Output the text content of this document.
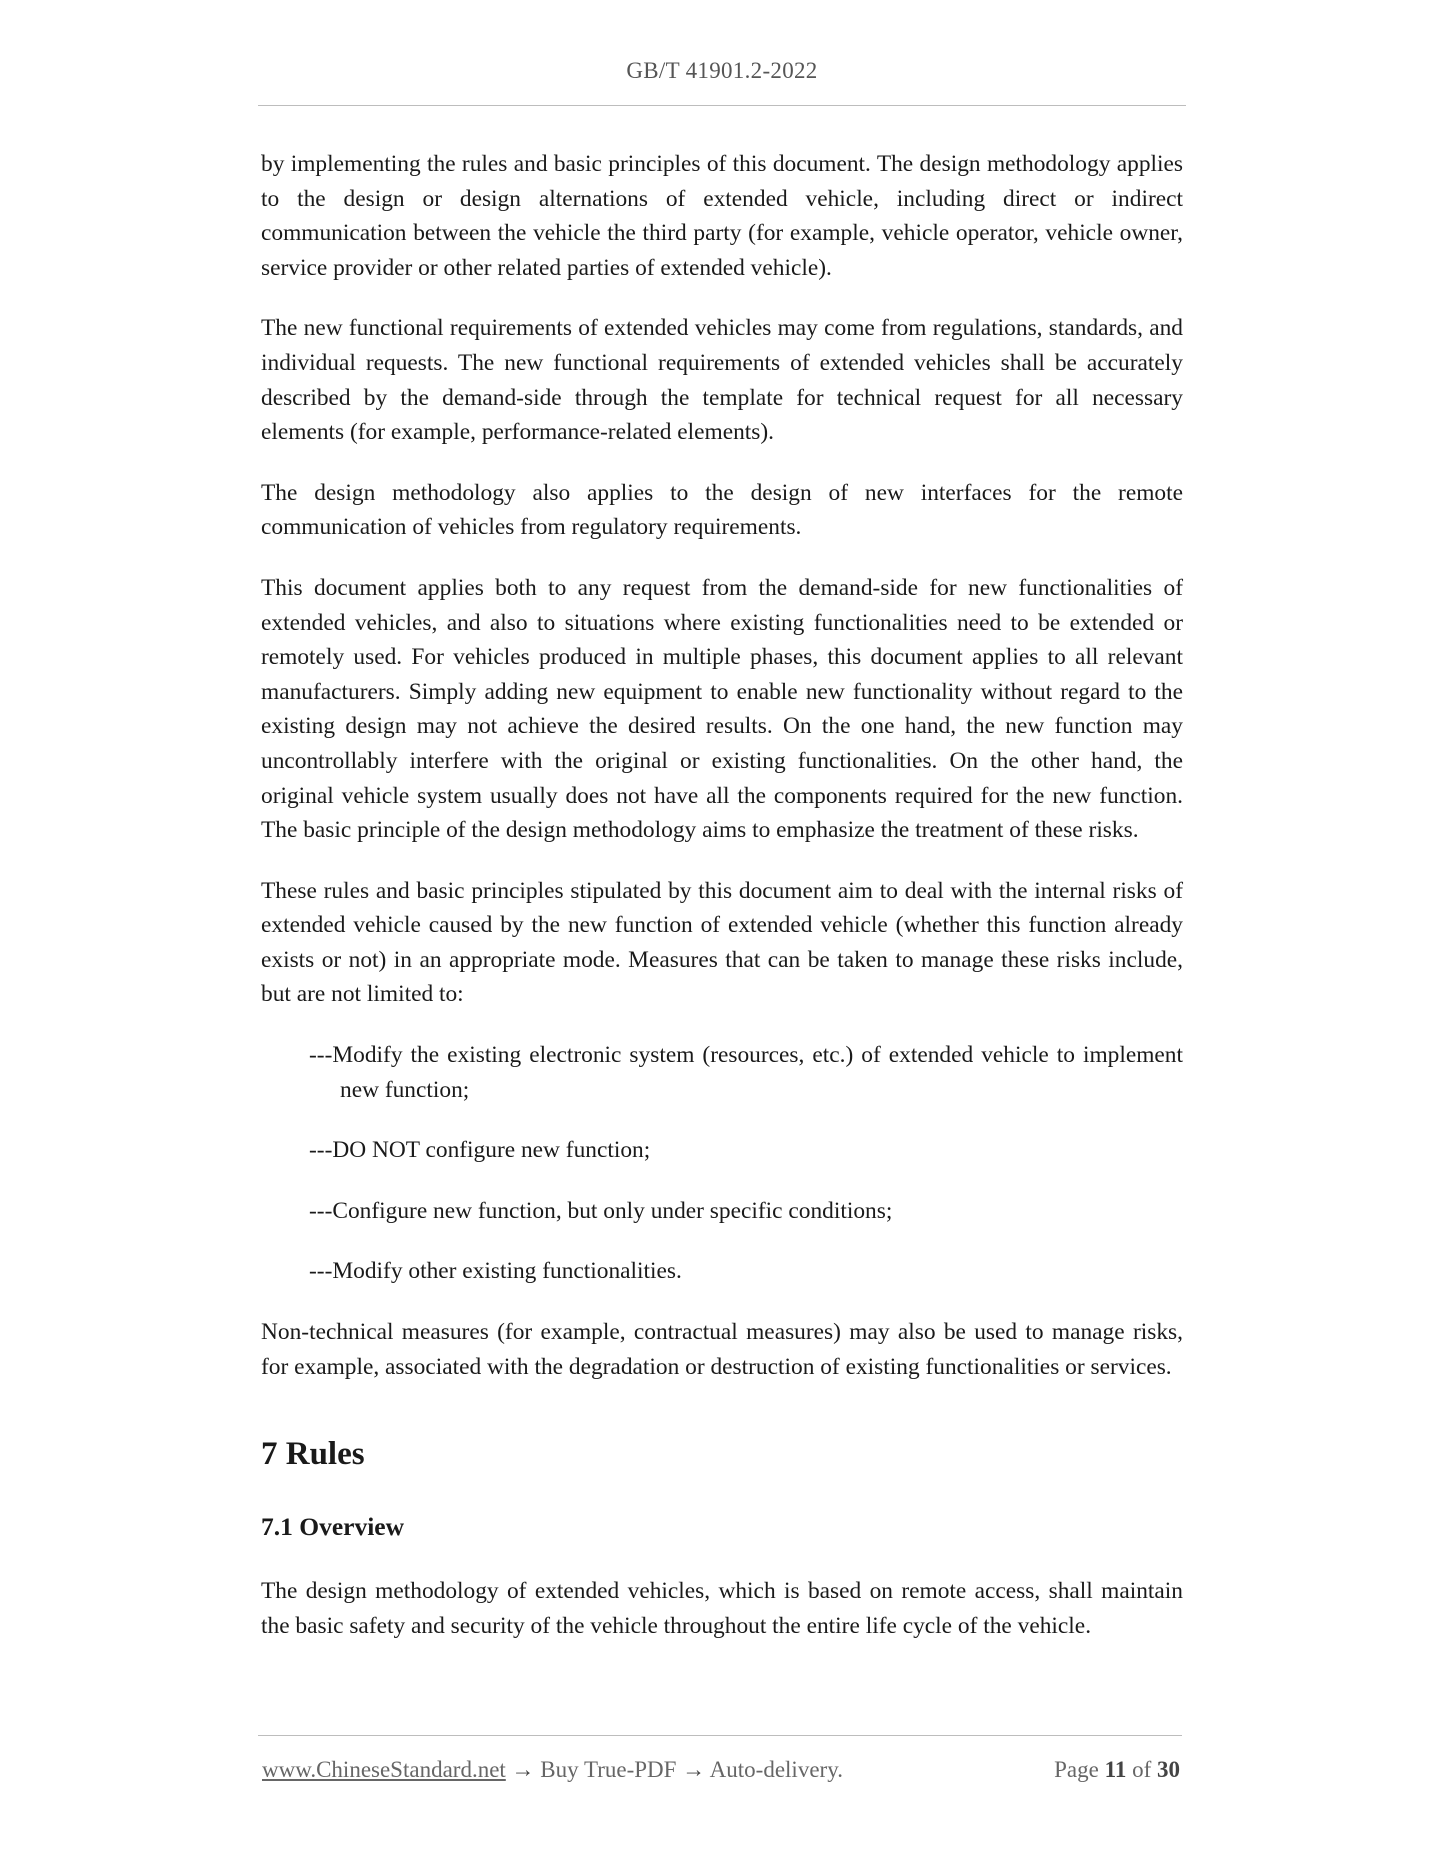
GB/T 41901.2-2022

by implementing the rules and basic principles of this document. The design methodology applies to the design or design alternations of extended vehicle, including direct or indirect communication between the vehicle the third party (for example, vehicle operator, vehicle owner, service provider or other related parties of extended vehicle).

The new functional requirements of extended vehicles may come from regulations, standards, and individual requests. The new functional requirements of extended vehicles shall be accurately described by the demand-side through the template for technical request for all necessary elements (for example, performance-related elements).

The design methodology also applies to the design of new interfaces for the remote communication of vehicles from regulatory requirements.

This document applies both to any request from the demand-side for new functionalities of extended vehicles, and also to situations where existing functionalities need to be extended or remotely used. For vehicles produced in multiple phases, this document applies to all relevant manufacturers. Simply adding new equipment to enable new functionality without regard to the existing design may not achieve the desired results. On the one hand, the new function may uncontrollably interfere with the original or existing functionalities. On the other hand, the original vehicle system usually does not have all the components required for the new function. The basic principle of the design methodology aims to emphasize the treatment of these risks.

These rules and basic principles stipulated by this document aim to deal with the internal risks of extended vehicle caused by the new function of extended vehicle (whether this function already exists or not) in an appropriate mode. Measures that can be taken to manage these risks include, but are not limited to:

---Modify the existing electronic system (resources, etc.) of extended vehicle to implement new function;

---DO NOT configure new function;

---Configure new function, but only under specific conditions;

---Modify other existing functionalities.

Non-technical measures (for example, contractual measures) may also be used to manage risks, for example, associated with the degradation or destruction of existing functionalities or services.

7 Rules
7.1 Overview

The design methodology of extended vehicles, which is based on remote access, shall maintain the basic safety and security of the vehicle throughout the entire life cycle of the vehicle.

www.ChineseStandard.net → Buy True-PDF → Auto-delivery.	Page 11 of 30
